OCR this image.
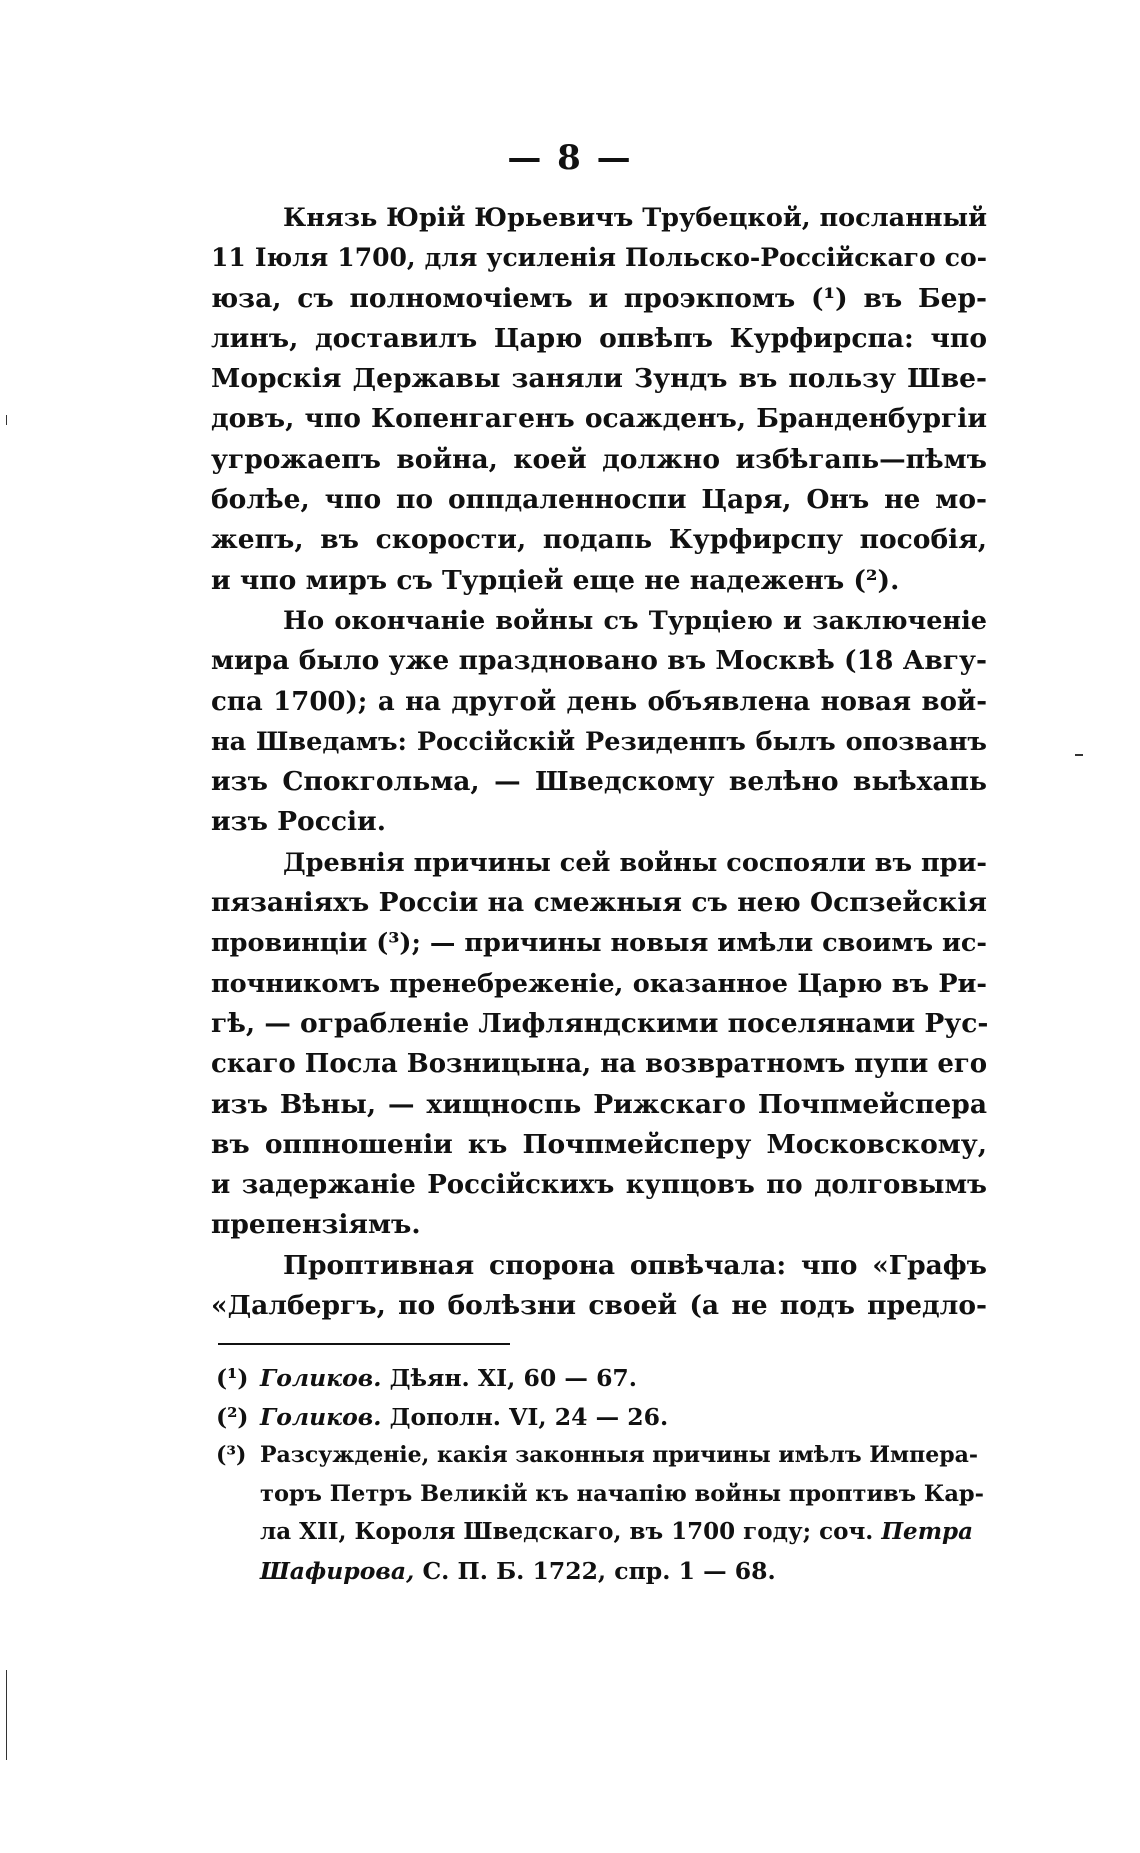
— 8 —
Князь Юрій Юрьевичъ Трубецкой, посланный
11 Іюля 1700, для усиленія Польско-Россійскаго со-
юза, съ полномочіемъ и проэкпомъ (¹) въ Бер-
линъ, доставилъ Царю опвѣпъ Курфирспа: чпо
Морскія Державы заняли Зундъ въ пользу Шве-
довъ, чпо Копенгагенъ осажденъ, Бранденбургіи
угрожаепъ война, коей должно избѣгапь—пѣмъ
болѣе, чпо по оппдаленноспи Царя, Онъ не мо-
жепъ, въ скорости, подапь Курфирспу пособія,
и чпо миръ съ Турціей еще не надеженъ (²).
Но окончаніе войны съ Турціею и заключеніе
мира было уже праздновано въ Москвѣ (18 Авгу-
спа 1700); а на другой день объявлена новая вой-
на Шведамъ: Россійскій Резиденпъ былъ опозванъ
изъ Спокгольма, — Шведскому велѣно выѣхапь
изъ Россіи.
Древнія причины сей войны соспояли въ при-
пязаніяхъ Россіи на смежныя съ нею Оспзейскія
провинціи (³); — причины новыя имѣли своимъ ис-
почникомъ пренебреженіе, оказанное Царю въ Ри-
гѣ, — ограбленіе Лифляндскими поселянами Рус-
скаго Посла Возницына, на возвратномъ пупи его
изъ Вѣны, — хищноспь Рижскаго Почпмейспера
въ оппношеніи къ Почпмейсперу Московскому,
и задержаніе Россійскихъ купцовъ по долговымъ
препензіямъ.
Проптивная спорона опвѣчала: чпо «Графъ
«Далбергъ, по болѣзни своей (а не подъ предло-
(¹) Голиков. Дѣян. XI, 60 — 67.
(²) Голиков. Дополн. VI, 24 — 26.
(³) Разсужденіе, какія законныя причины имѣлъ Импера-
торъ Петръ Великій къ начапію войны проптивъ Кар-
ла XII, Короля Шведскаго, въ 1700 году; соч. Петра
Шафирова, С. П. Б. 1722, спр. 1 — 68.
